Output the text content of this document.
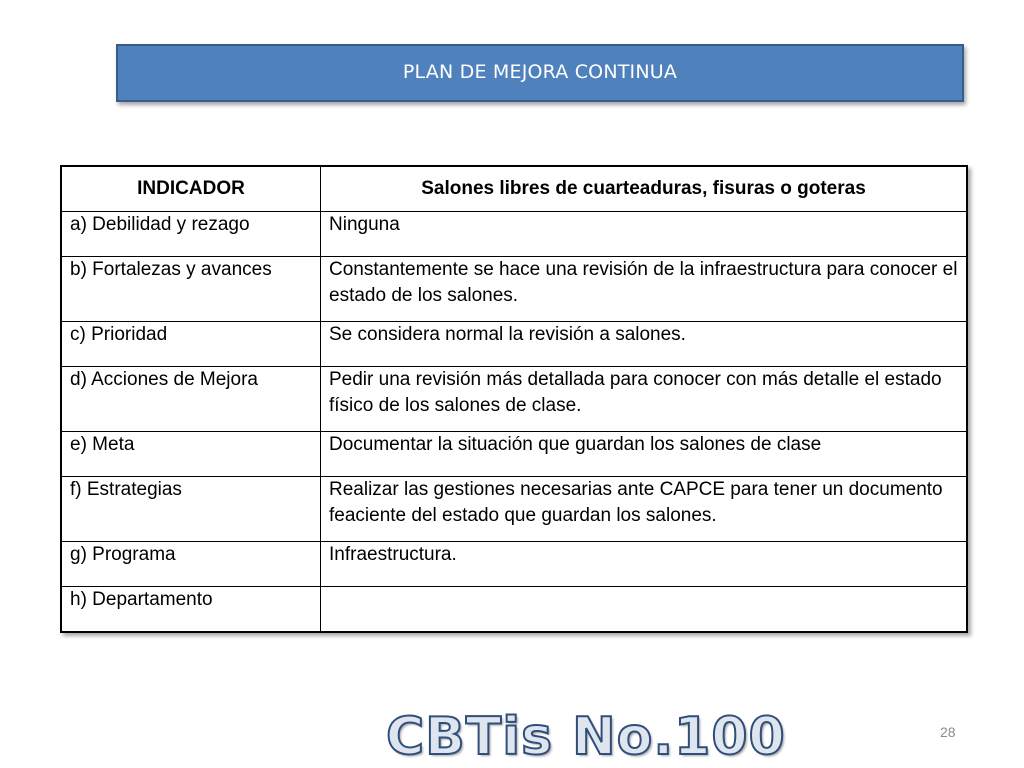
PLAN DE MEJORA CONTINUA
INDICADOR	Salones libres de cuarteaduras, fisuras o goteras
a) Debilidad y rezago	Ninguna
b) Fortalezas y avances	Constantemente se hace una revisión de la infraestructura para conocer el estado de los salones.
c) Prioridad	Se considera normal la revisión a salones.
d) Acciones de Mejora	Pedir una revisión más detallada para conocer con más detalle el estado físico de los salones de clase.
e) Meta	Documentar la situación que guardan los salones de clase
f) Estrategias	Realizar las gestiones necesarias ante CAPCE para tener un documento feaciente del estado que guardan los salones.
g) Programa	Infraestructura.
h) Departamento	
CBTis No.100	28
